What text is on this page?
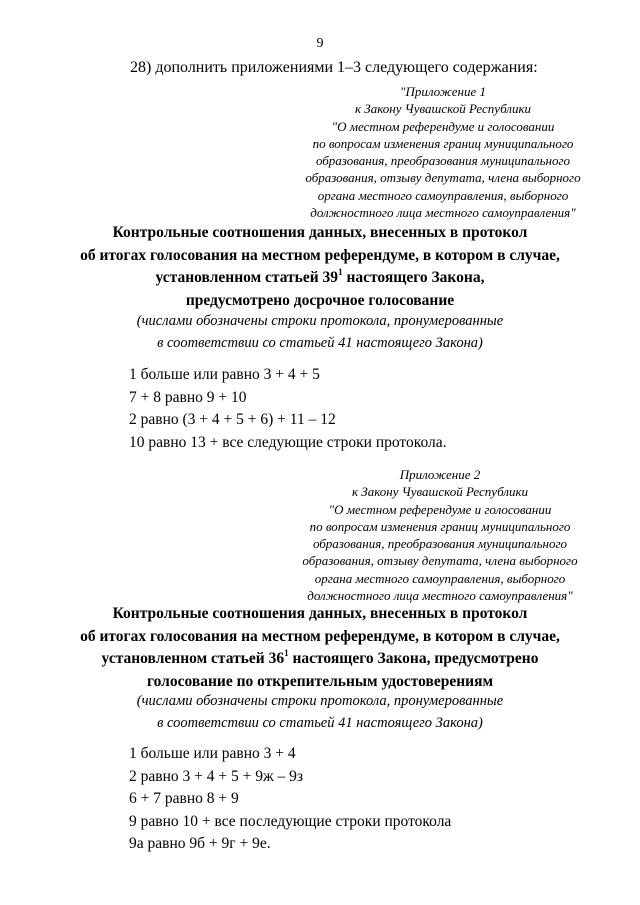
9
28) дополнить приложениями 1–3 следующего содержания:
"Приложение 1
к Закону Чувашской Республики
"О местном референдуме и голосовании
по вопросам изменения границ муниципального
образования, преобразования муниципального
образования, отзыву депутата, члена выборного
органа местного самоуправления, выборного
должностного лица местного самоуправления"
Контрольные соотношения данных, внесенных в протокол
об итогах голосования на местном референдуме, в котором в случае,
установленном статьей $39^1$ настоящего Закона,
предусмотрено досрочное голосование
(числами обозначены строки протокола, пронумерованные
в соответствии со статьей 41 настоящего Закона)
1 больше или равно 3 + 4 + 5
7 + 8 равно 9 + 10
2 равно (3 + 4 + 5 + 6) + 11 – 12
10 равно 13 + все следующие строки протокола.
Приложение 2
к Закону Чувашской Республики
"О местном референдуме и голосовании
по вопросам изменения границ муниципального
образования, преобразования муниципального
образования, отзыву депутата, члена выборного
органа местного самоуправления, выборного
должностного лица местного самоуправления"
Контрольные соотношения данных, внесенных в протокол
об итогах голосования на местном референдуме, в котором в случае,
установленном статьей $36^1$ настоящего Закона, предусмотрено
голосование по открепительным удостоверениям
(числами обозначены строки протокола, пронумерованные
в соответствии со статьей 41 настоящего Закона)
1 больше или равно 3 + 4
2 равно 3 + 4 + 5 + 9ж – 9з
6 + 7 равно 8 + 9
9 равно 10 + все последующие строки протокола
9а равно 9б + 9г + 9е.
